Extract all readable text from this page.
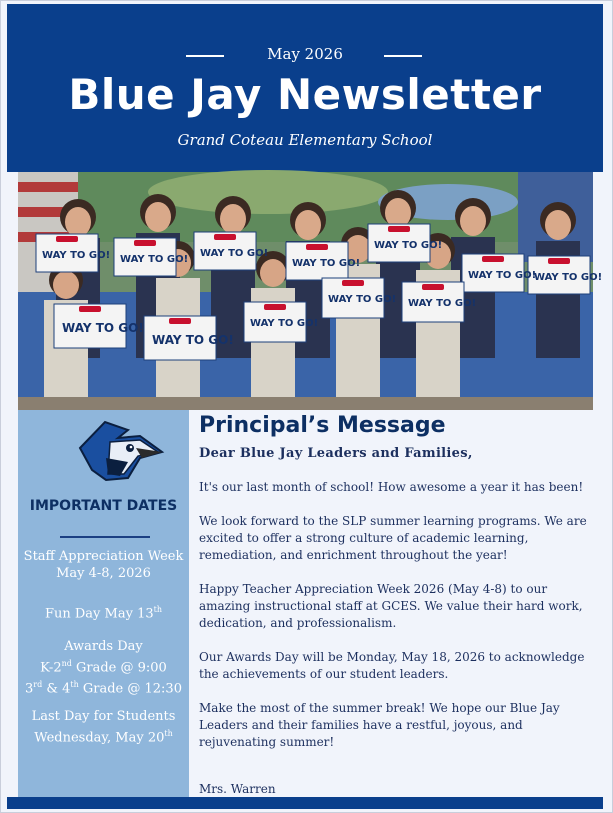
May 2026
Blue Jay Newsletter
Grand Coteau Elementary School
WAY TO GO! WAY TO GO!
WAY TO GO!
WAY TO GO!
WAY TO GO!
WAY TO GO!
WAY TO GO!
WAY TO GO!
WAY TO GO!
WAY TO GO!
WAY TO GO! WAY TO GO!
IMPORTANT DATES
Staff Appreciation Week
May 4-8, 2026
Fun Day May 13th
Awards Day
K-2nd Grade @ 9:00
3rd & 4th Grade @ 12:30
Last Day for Students
Wednesday, May 20th
Principal’s Message
Dear Blue Jay Leaders and Families,
It's our last month of school! How awesome a year it has been!
We look forward to the SLP summer learning programs. We are excited to offer a strong culture of academic learning, remediation, and enrichment throughout the year!
Happy Teacher Appreciation Week 2026 (May 4-8) to our amazing instructional staff at GCES. We value their hard work, dedication, and professionalism.
Our Awards Day will be Monday, May 18, 2026 to acknowledge the achievements of our student leaders.
Make the most of the summer break! We hope our Blue Jay Leaders and their families have a restful, joyous, and rejuvenating summer!
Mrs. Warren
